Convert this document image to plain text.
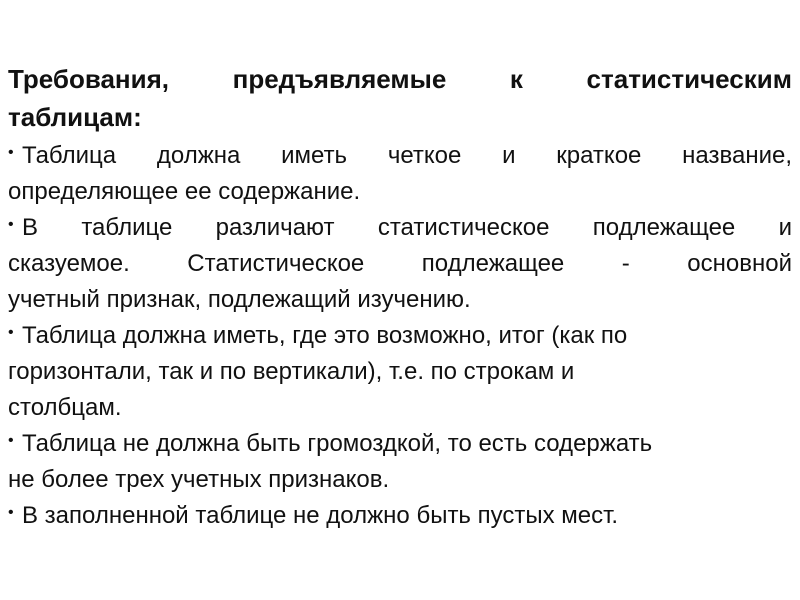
Требования, предъявляемые к статистическим
таблицам:
• Таблица должна иметь четкое и краткое название,
определяющее ее содержание.
• В таблице различают статистическое подлежащее и
сказуемое. Статистическое подлежащее - основной
учетный признак, подлежащий изучению.
• Таблица должна иметь, где это возможно, итог (как по
горизонтали, так и по вертикали), т.е. по строкам и
столбцам.
• Таблица не должна быть громоздкой, то есть содержать
не более трех учетных признаков.
• В заполненной таблице не должно быть пустых мест.
